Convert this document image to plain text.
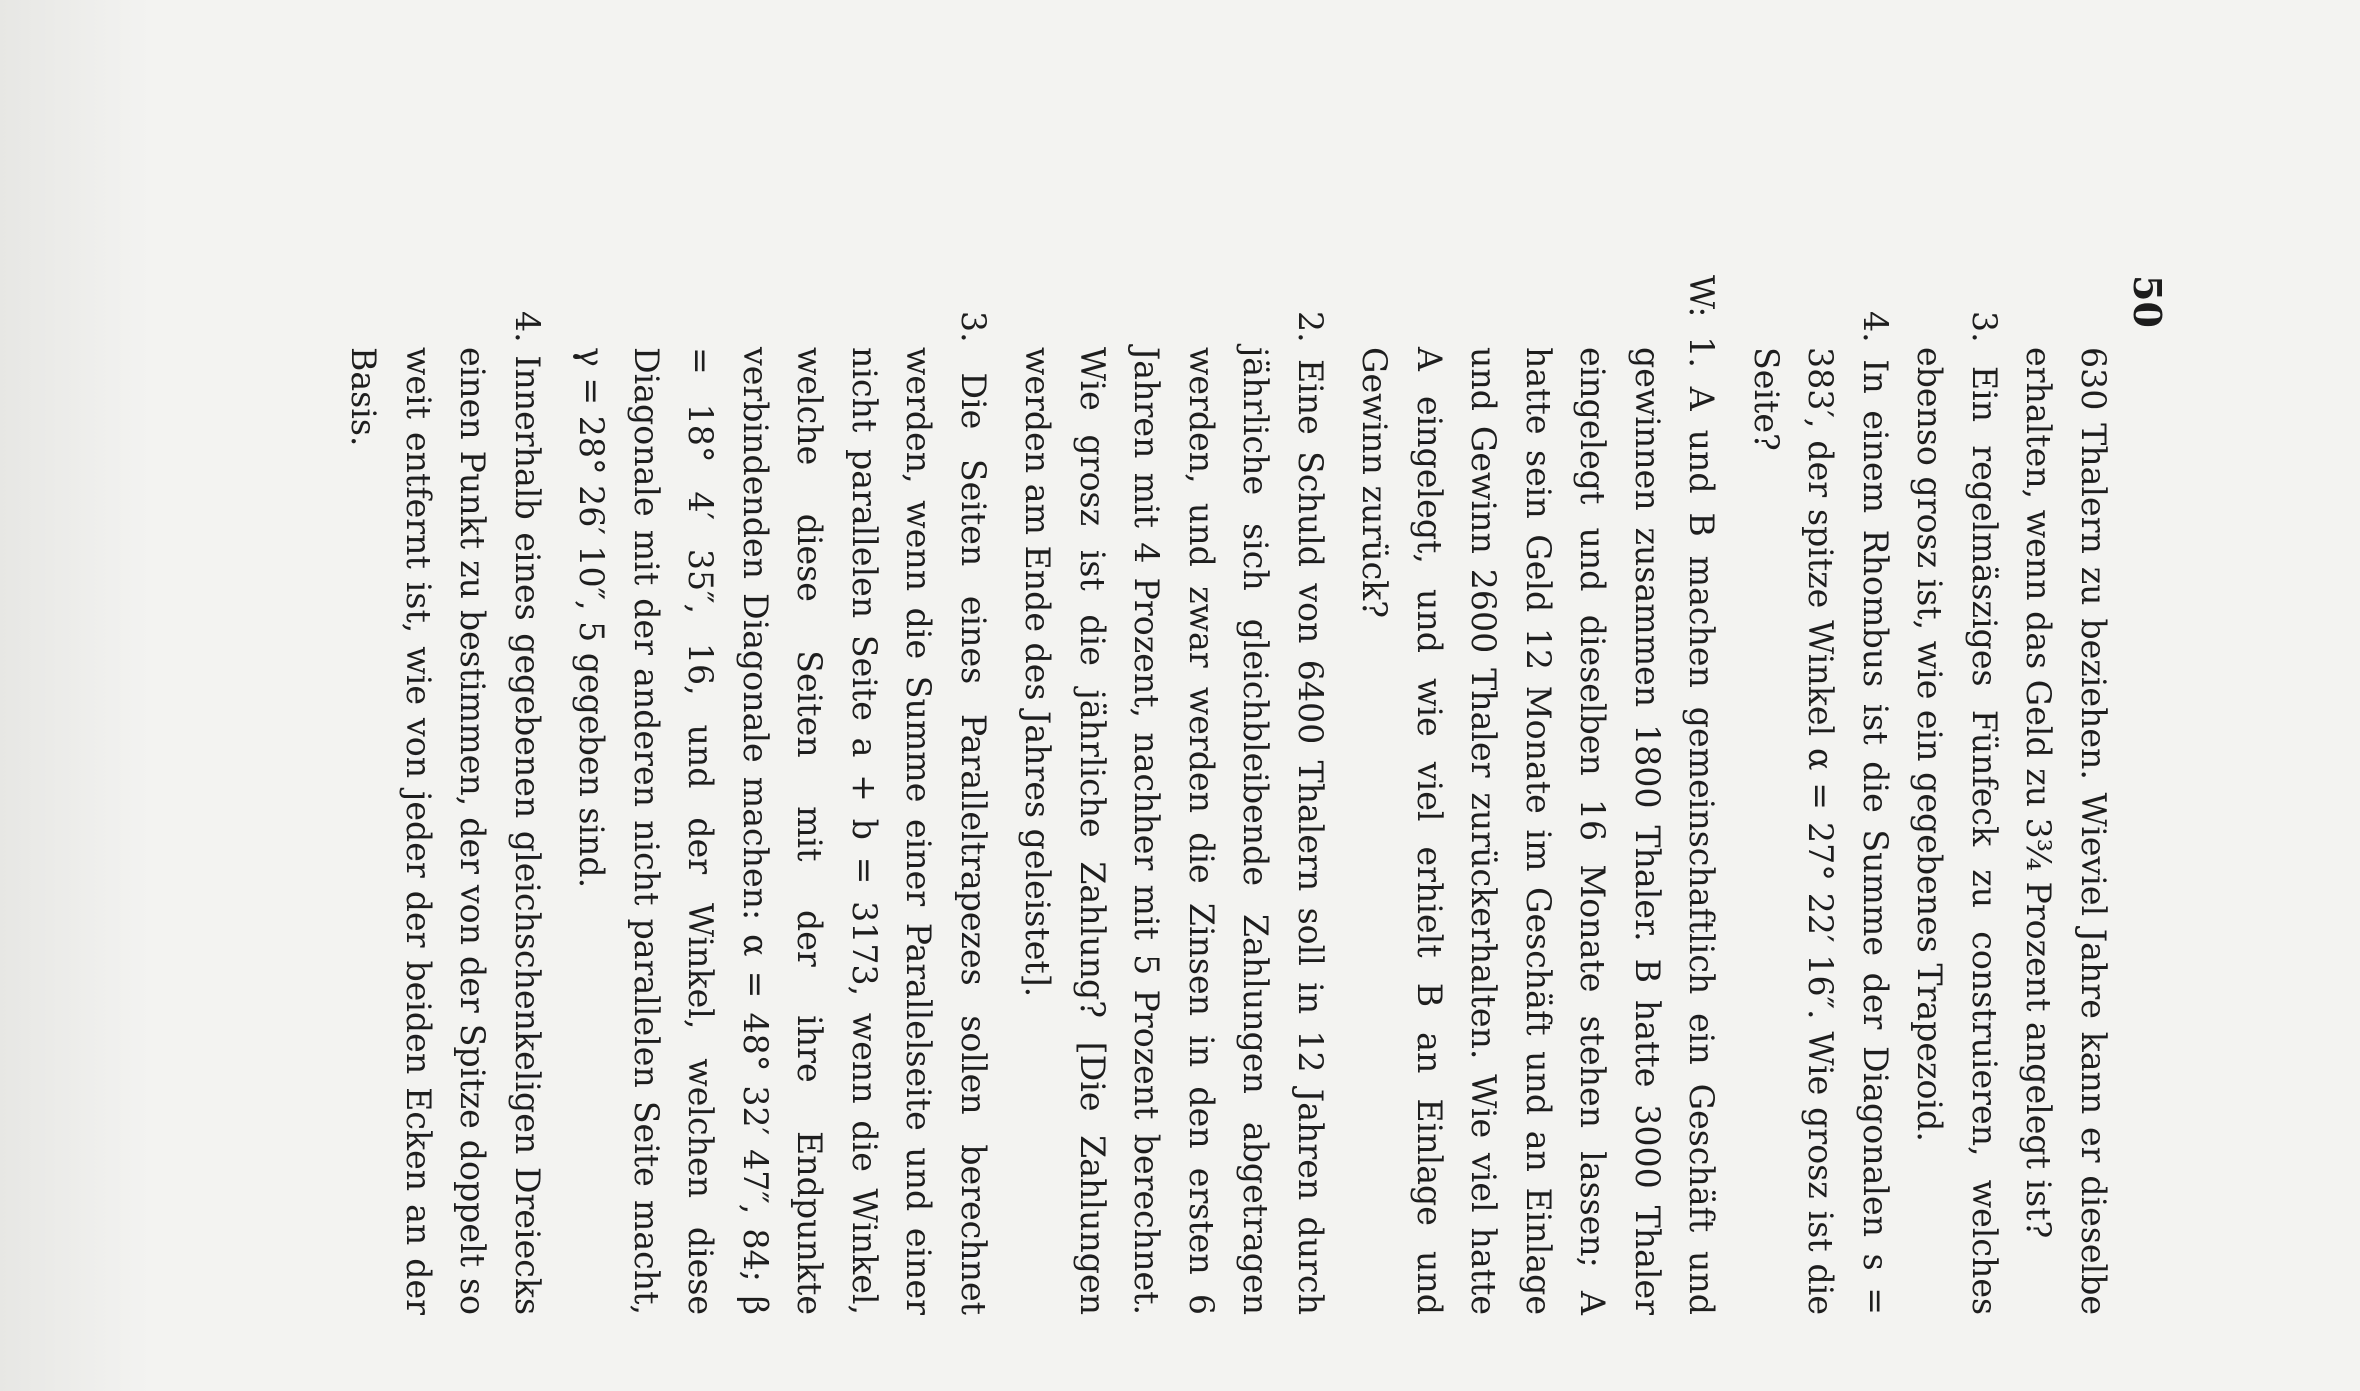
50

630 Thalern zu beziehen. Wieviel Jahre kann er dieselbe erhalten, wenn das Geld zu 3¾ Prozent angelegt ist?

3. Ein regelmäsziges Fünfeck zu construieren, welches ebenso grosz ist, wie ein gegebenes Trapezoid.

4. In einem Rhombus ist die Summe der Diagonalen s = 383′, der spitze Winkel α = 27° 22′ 16″. Wie grosz ist die Seite?

W: 1. A und B machen gemeinschaftlich ein Geschäft und gewinnen zusammen 1800 Thaler. B hatte 3000 Thaler eingelegt und dieselben 16 Monate stehen lassen; A hatte sein Geld 12 Monate im Geschäft und an Einlage und Gewinn 2600 Thaler zurückerhalten. Wie viel hatte A eingelegt, und wie viel erhielt B an Einlage und Gewinn zurück?

2. Eine Schuld von 6400 Thalern soll in 12 Jahren durch jährliche sich gleichbleibende Zahlungen abgetragen werden, und zwar werden die Zinsen in den ersten 6 Jahren mit 4 Prozent, nachher mit 5 Prozent berechnet. Wie grosz ist die jährliche Zahlung? [Die Zahlungen werden am Ende des Jahres geleistet].

3. Die Seiten eines Paralleltrapezes sollen berechnet werden, wenn die Summe einer Parallelseite und einer nicht parallelen Seite a + b = 3173, wenn die Winkel, welche diese Seiten mit der ihre Endpunkte verbindenden Diagonale machen: α = 48° 32′ 47″, 84; β = 18° 4′ 35″, 16, und der Winkel, welchen diese Diagonale mit der anderen nicht parallelen Seite macht, γ = 28° 26′ 10″, 5 gegeben sind.

4. Innerhalb eines gegebenen gleichschenkeligen Dreiecks einen Punkt zu bestimmen, der von der Spitze doppelt so weit entfernt ist, wie von jeder der beiden Ecken an der Basis.
